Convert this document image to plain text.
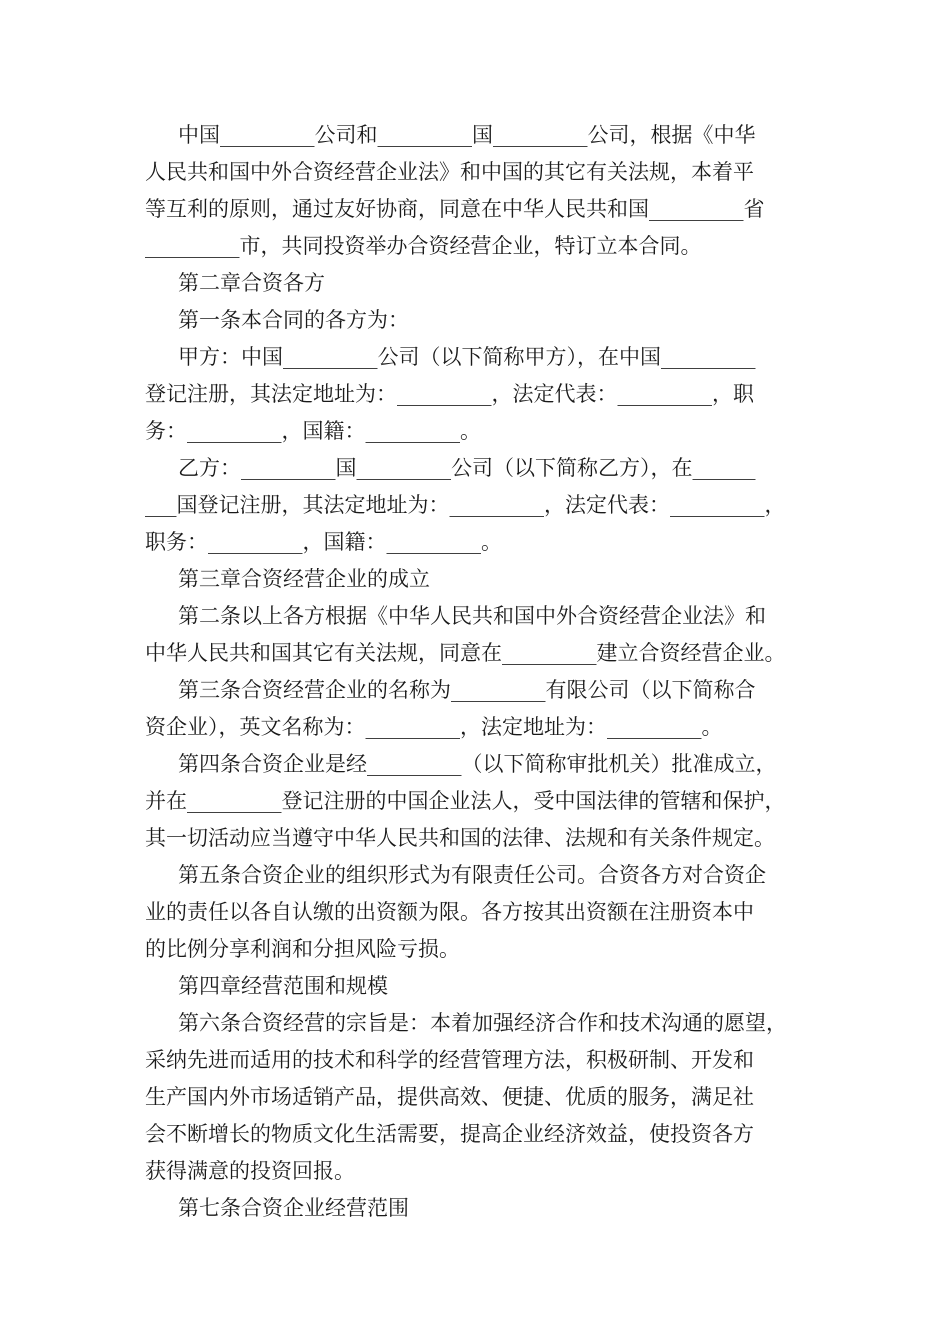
中国_________公司和_________国_________公司，根据《中华

人民共和国中外合资经营企业法》和中国的其它有关法规，本着平

等互利的原则，通过友好协商，同意在中华人民共和国_________省

_________市，共同投资举办合资经营企业，特订立本合同。

第二章合资各方

第一条本合同的各方为：

甲方：中国_________公司（以下简称甲方），在中国_________

登记注册，其法定地址为：_________，法定代表：_________，职

务：_________，国籍：_________。

乙方：_________国_________公司（以下简称乙方），在______

___国登记注册，其法定地址为：_________，法定代表：_________，

职务：_________，国籍：_________。

第三章合资经营企业的成立

第二条以上各方根据《中华人民共和国中外合资经营企业法》和

中华人民共和国其它有关法规，同意在_________建立合资经营企业。

第三条合资经营企业的名称为_________有限公司（以下简称合

资企业），英文名称为：_________，法定地址为：_________。

第四条合资企业是经_________（以下简称审批机关）批准成立，

并在_________登记注册的中国企业法人，受中国法律的管辖和保护，

其一切活动应当遵守中华人民共和国的法律、法规和有关条件规定。

第五条合资企业的组织形式为有限责任公司。合资各方对合资企

业的责任以各自认缴的出资额为限。各方按其出资额在注册资本中

的比例分享利润和分担风险亏损。

第四章经营范围和规模

第六条合资经营的宗旨是：本着加强经济合作和技术沟通的愿望，

采纳先进而适用的技术和科学的经营管理方法，积极研制、开发和

生产国内外市场适销产品，提供高效、便捷、优质的服务，满足社

会不断增长的物质文化生活需要，提高企业经济效益，使投资各方

获得满意的投资回报。

第七条合资企业经营范围
